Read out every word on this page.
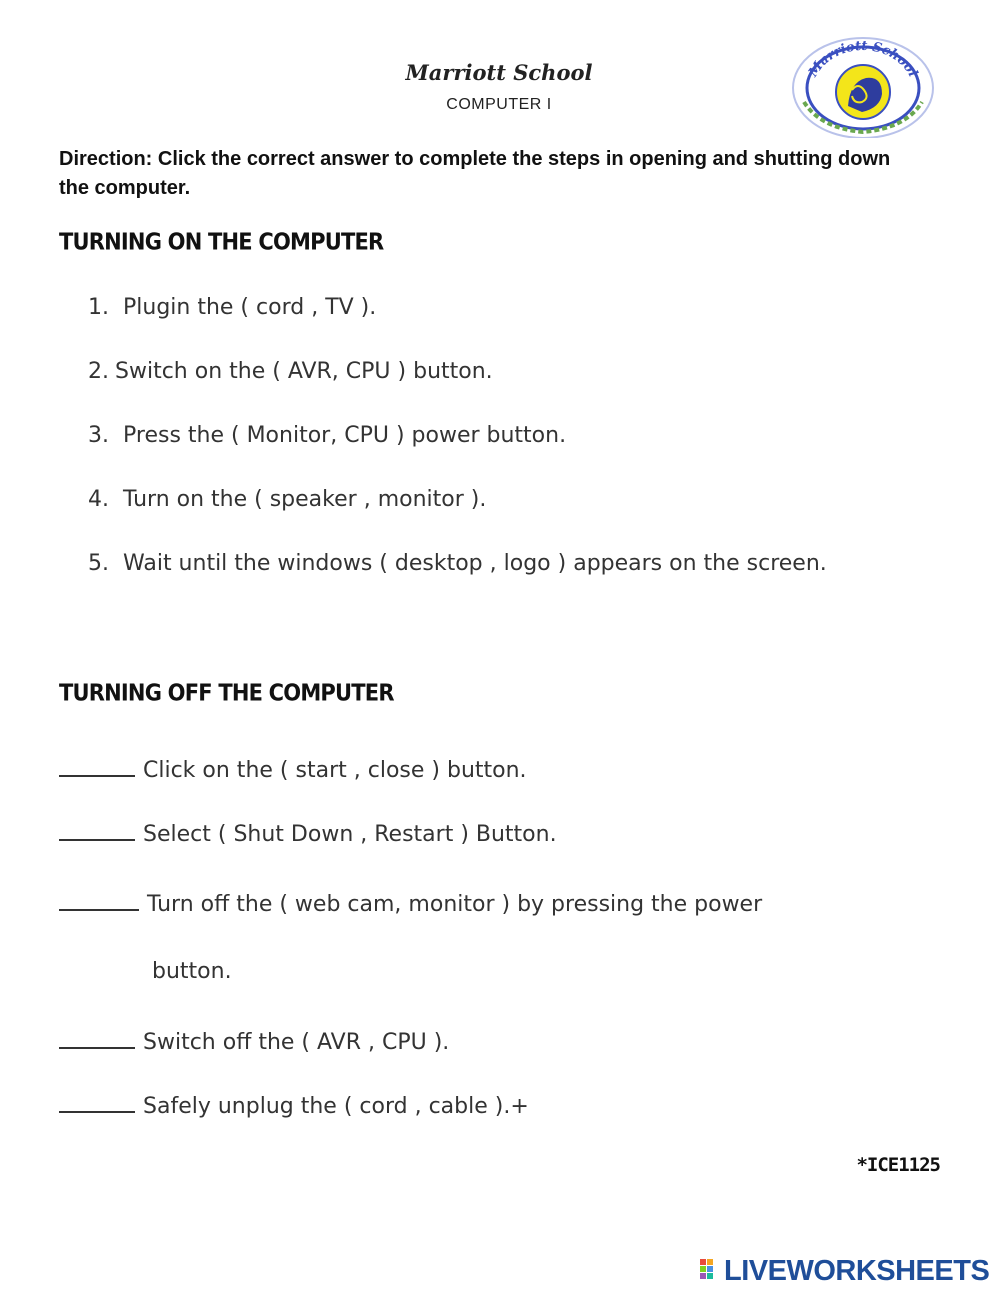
Marriott School
COMPUTER I
Marriott School
Direction: Click the correct answer to complete the steps in opening and shutting down the computer.
TURNING ON THE COMPUTER
1. Plugin the ( cord , TV ).
2. Switch on the ( AVR, CPU ) button.
3. Press the ( Monitor, CPU ) power button.
4. Turn on the ( speaker , monitor ).
5. Wait until the windows ( desktop , logo ) appears on the screen.
TURNING OFF THE COMPUTER
Click on the ( start , close ) button.
Select ( Shut Down , Restart ) Button.
Turn off the ( web cam, monitor ) by pressing the power
button.
Switch off the ( AVR , CPU ).
Safely unplug the ( cord , cable ).+
*ICE1125
LIVEWORKSHEETS
